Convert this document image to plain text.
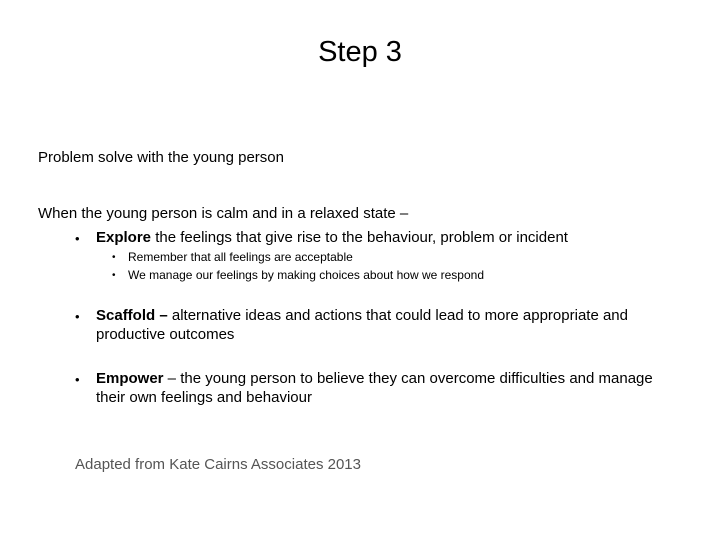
Step 3
Problem solve with the young person
When the young person is calm and in a relaxed state –
• Explore the feelings that give rise to the behaviour, problem or incident
• Remember that all feelings are acceptable
• We manage our feelings by making choices about how we respond
• Scaffold – alternative ideas and actions that could lead to more appropriate and productive outcomes
• Empower – the young person to believe they can overcome difficulties and manage their own feelings and behaviour
Adapted from Kate Cairns Associates 2013
